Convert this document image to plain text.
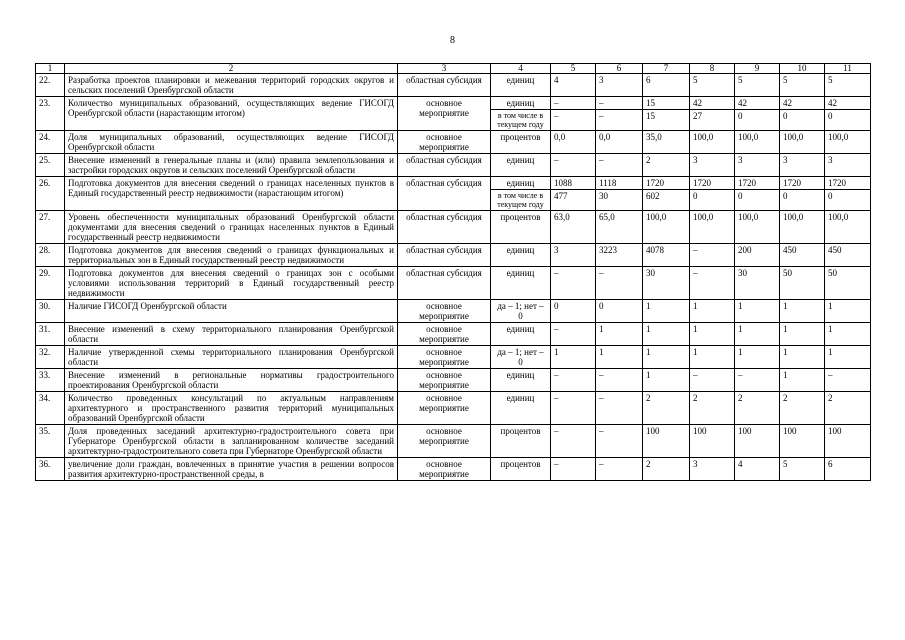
8
1	2	3	4	5	6	7	8	9	10	11
22.	Разработка проектов планировки и межевания территорий городских округов и сельских поселений Оренбургской области	областная субсидия	единиц	4	3	6	5	5	5	5
23.	Количество муниципальных образований, осуществляющих ведение ГИСОГД Оренбургской области (нарастающим итогом)	основное мероприятие	единиц	–	–	15	42	42	42	42
			в том числе в текущем году	–	–	15	27	0	0	0
24.	Доля муниципальных образований, осуществляющих ведение ГИСОГД Оренбургской области	основное мероприятие	процентов	0,0	0,0	35,0	100,0	100,0	100,0	100,0
25.	Внесение изменений в генеральные планы и (или) правила землепользования и застройки городских округов и сельских поселений Оренбургской области	областная субсидия	единиц	–	–	2	3	3	3	3
26.	Подготовка документов для внесения сведений о границах населенных пунктов в Единый государственный реестр недвижимости (нарастающим итогом)	областная субсидия	единиц	1088	1118	1720	1720	1720	1720	1720
			в том числе в текущем году	477	30	602	0	0	0	0
27.	Уровень обеспеченности муниципальных образований Оренбургской области документами для внесения сведений о границах населенных пунктов в Единый государственный реестр недвижимости	областная субсидия	процентов	63,0	65,0	100,0	100,0	100,0	100,0	100,0
28.	Подготовка документов для внесения сведений о границах функциональных и территориальных зон в Единый государственный реестр недвижимости	областная субсидия	единиц	3	3223	4078	–	200	450	450
29.	Подготовка документов для внесения сведений о границах зон с особыми условиями использования территорий в Единый государственный реестр недвижимости	областная субсидия	единиц	–	–	30	–	30	50	50
30.	Наличие ГИСОГД Оренбургской области	основное мероприятие	да – 1; нет – 0	0	0	1	1	1	1	1
31.	Внесение изменений в схему территориального планирования Оренбургской области	основное мероприятие	единиц	–	1	1	1	1	1	1
32.	Наличие утвержденной схемы территориального планирования Оренбургской области	основное мероприятие	да – 1; нет – 0	1	1	1	1	1	1	1
33.	Внесение изменений в региональные нормативы градостроительного проектирования Оренбургской области	основное мероприятие	единиц	–	–	1	–	–	1	–
34.	Количество проведенных консультаций по актуальным направлениям архитектурного и пространственного развития территорий муниципальных образований Оренбургской области	основное мероприятие	единиц	–	–	2	2	2	2	2
35.	Доля проведенных заседаний архитектурно-градостроительного совета при Губернаторе Оренбургской области в запланированном количестве заседаний архитектурно-градостроительного совета при Губернаторе Оренбургской области	основное мероприятие	процентов	–	–	100	100	100	100	100
36.	увеличение доли граждан, вовлеченных в принятие участия в решении вопросов развития архитектурно-пространственной среды, в	основное мероприятие	процентов	–	–	2	3	4	5	6
